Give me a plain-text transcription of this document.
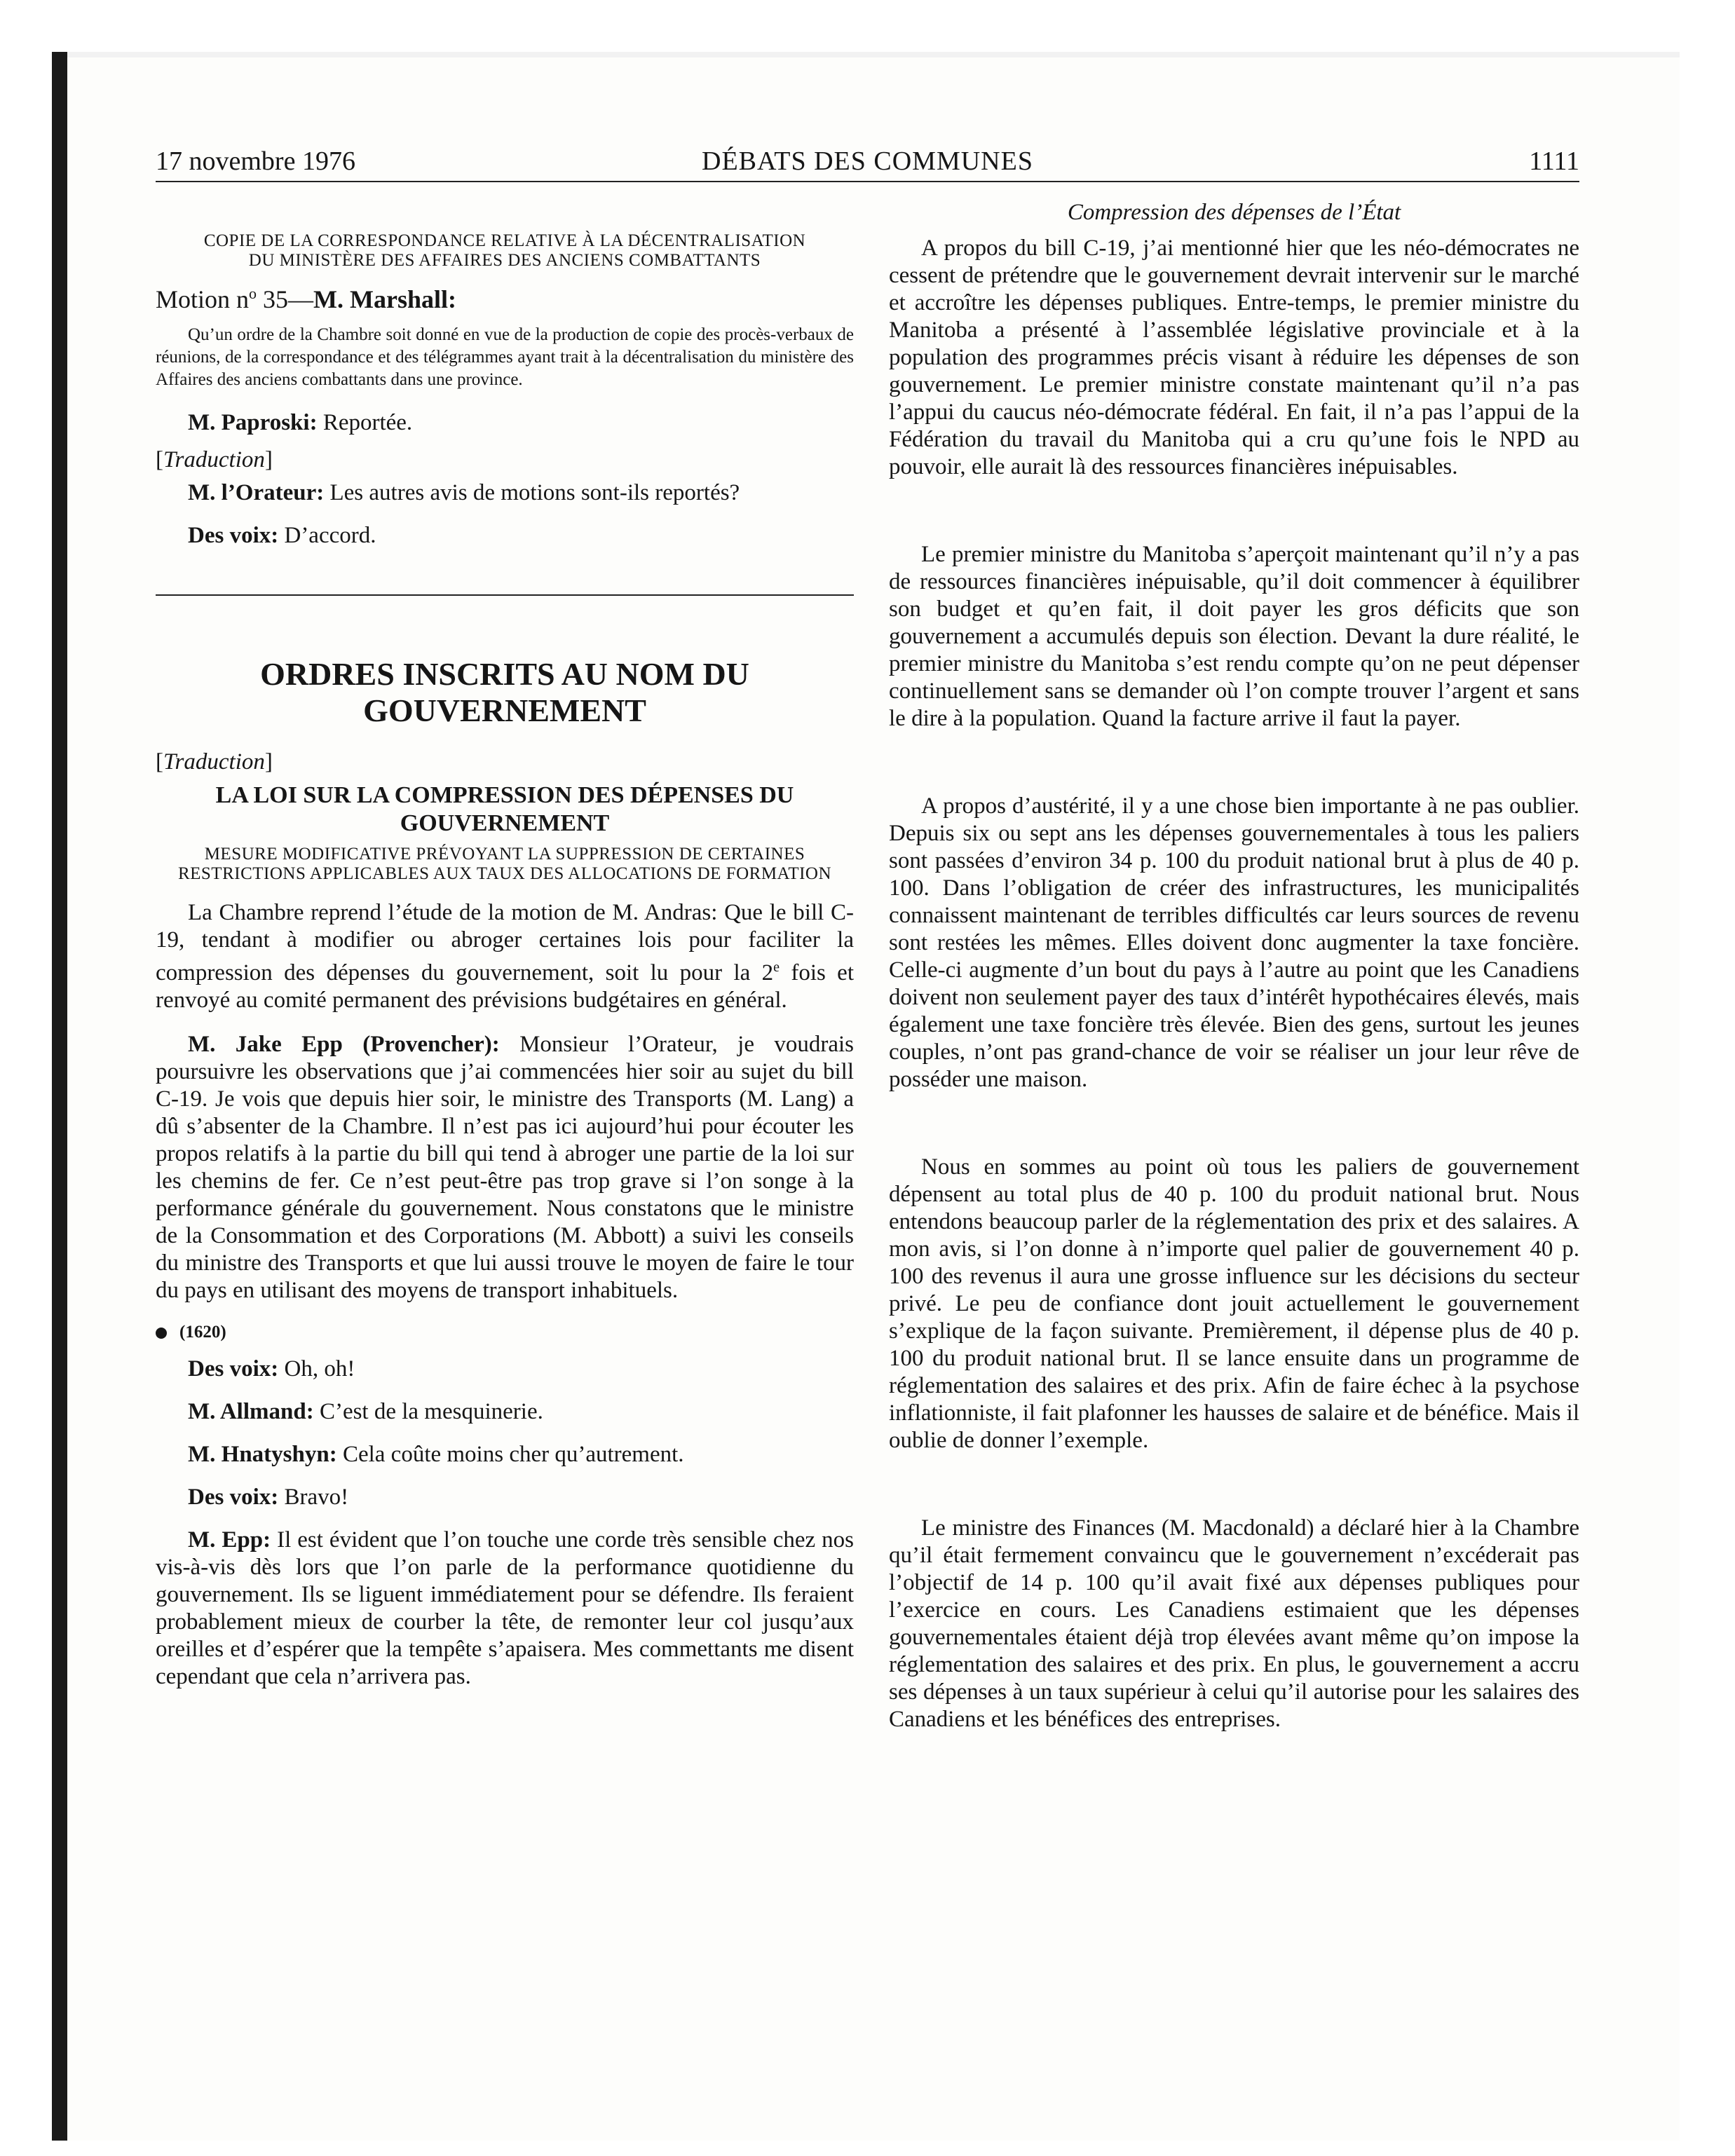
17 novembre 1976	DÉBATS DES COMMUNES	1111

COPIE DE LA CORRESPONDANCE RELATIVE À LA DÉCENTRALISATION DU MINISTÈRE DES AFFAIRES DES ANCIENS COMBATTANTS

Motion $n^o$ 35—M. Marshall:

Qu’un ordre de la Chambre soit donné en vue de la production de copie des procès-verbaux de réunions, de la correspondance et des télégrammes ayant trait à la décentralisation du ministère des Affaires des anciens combattants dans une province.

M. Paproski: Reportée.

[Traduction]

M. l’Orateur: Les autres avis de motions sont-ils reportés?

Des voix: D’accord.

ORDRES INSCRITS AU NOM DU GOUVERNEMENT

[Traduction]

LA LOI SUR LA COMPRESSION DES DÉPENSES DU GOUVERNEMENT

MESURE MODIFICATIVE PRÉVOYANT LA SUPPRESSION DE CERTAINES RESTRICTIONS APPLICABLES AUX TAUX DES ALLOCATIONS DE FORMATION

La Chambre reprend l’étude de la motion de M. Andras: Que le bill C-19, tendant à modifier ou abroger certaines lois pour faciliter la compression des dépenses du gouvernement, soit lu pour la 2e fois et renvoyé au comité permanent des prévisions budgétaires en général.

M. Jake Epp (Provencher): Monsieur l’Orateur, je voudrais poursuivre les observations que j’ai commencées hier soir au sujet du bill C-19. Je vois que depuis hier soir, le ministre des Transports (M. Lang) a dû s’absenter de la Chambre. Il n’est pas ici aujourd’hui pour écouter les propos relatifs à la partie du bill qui tend à abroger une partie de la loi sur les chemins de fer. Ce n’est peut-être pas trop grave si l’on songe à la performance générale du gouvernement. Nous constatons que le ministre de la Consommation et des Corporations (M. Abbott) a suivi les conseils du ministre des Transports et que lui aussi trouve le moyen de faire le tour du pays en utilisant des moyens de transport inhabituels.

(1620)

Des voix: Oh, oh!

M. Allmand: C’est de la mesquinerie.

M. Hnatyshyn: Cela coûte moins cher qu’autrement.

Des voix: Bravo!

M. Epp: Il est évident que l’on touche une corde très sensible chez nos vis-à-vis dès lors que l’on parle de la performance quotidienne du gouvernement. Ils se liguent immédiatement pour se défendre. Ils feraient probablement mieux de courber la tête, de remonter leur col jusqu’aux oreilles et d’espérer que la tempête s’apaisera. Mes commettants me disent cependant que cela n’arrivera pas.

Compression des dépenses de l’État

A propos du bill C-19, j’ai mentionné hier que les néo-démocrates ne cessent de prétendre que le gouvernement devrait intervenir sur le marché et accroître les dépenses publiques. Entre-temps, le premier ministre du Manitoba a présenté à l’assemblée législative provinciale et à la population des programmes précis visant à réduire les dépenses de son gouvernement. Le premier ministre constate maintenant qu’il n’a pas l’appui du caucus néo-démocrate fédéral. En fait, il n’a pas l’appui de la Fédération du travail du Manitoba qui a cru qu’une fois le NPD au pouvoir, elle aurait là des ressources financières inépuisables.

Le premier ministre du Manitoba s’aperçoit maintenant qu’il n’y a pas de ressources financières inépuisable, qu’il doit commencer à équilibrer son budget et qu’en fait, il doit payer les gros déficits que son gouvernement a accumulés depuis son élection. Devant la dure réalité, le premier ministre du Manitoba s’est rendu compte qu’on ne peut dépenser continuellement sans se demander où l’on compte trouver l’argent et sans le dire à la population. Quand la facture arrive il faut la payer.

A propos d’austérité, il y a une chose bien importante à ne pas oublier. Depuis six ou sept ans les dépenses gouvernementales à tous les paliers sont passées d’environ 34 p. 100 du produit national brut à plus de 40 p. 100. Dans l’obligation de créer des infrastructures, les municipalités connaissent maintenant de terribles difficultés car leurs sources de revenu sont restées les mêmes. Elles doivent donc augmenter la taxe foncière. Celle-ci augmente d’un bout du pays à l’autre au point que les Canadiens doivent non seulement payer des taux d’intérêt hypothécaires élevés, mais également une taxe foncière très élevée. Bien des gens, surtout les jeunes couples, n’ont pas grand-chance de voir se réaliser un jour leur rêve de posséder une maison.

Nous en sommes au point où tous les paliers de gouvernement dépensent au total plus de 40 p. 100 du produit national brut. Nous entendons beaucoup parler de la réglementation des prix et des salaires. A mon avis, si l’on donne à n’importe quel palier de gouvernement 40 p. 100 des revenus il aura une grosse influence sur les décisions du secteur privé. Le peu de confiance dont jouit actuellement le gouvernement s’explique de la façon suivante. Premièrement, il dépense plus de 40 p. 100 du produit national brut. Il se lance ensuite dans un programme de réglementation des salaires et des prix. Afin de faire échec à la psychose inflationniste, il fait plafonner les hausses de salaire et de bénéfice. Mais il oublie de donner l’exemple.

Le ministre des Finances (M. Macdonald) a déclaré hier à la Chambre qu’il était fermement convaincu que le gouvernement n’excéderait pas l’objectif de 14 p. 100 qu’il avait fixé aux dépenses publiques pour l’exercice en cours. Les Canadiens estimaient que les dépenses gouvernementales étaient déjà trop élevées avant même qu’on impose la réglementation des salaires et des prix. En plus, le gouvernement a accru ses dépenses à un taux supérieur à celui qu’il autorise pour les salaires des Canadiens et les bénéfices des entreprises.
